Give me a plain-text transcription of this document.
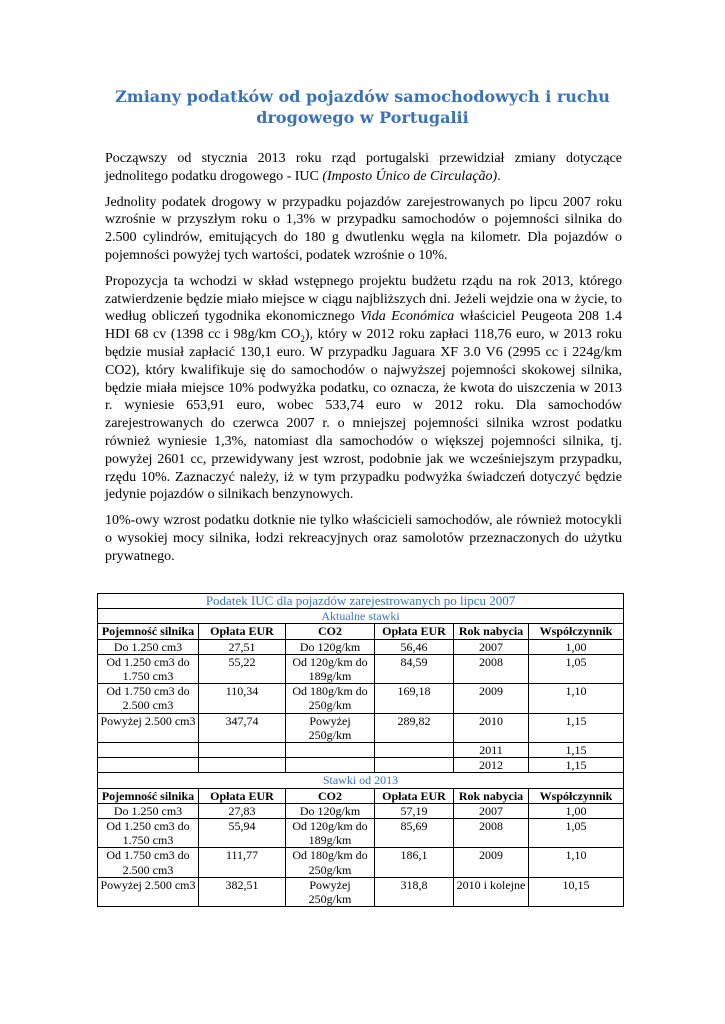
Zmiany podatków od pojazdów samochodowych i ruchu
drogowego w Portugalii

Począwszy od stycznia 2013 roku rząd portugalski przewidział zmiany dotyczące jednolitego podatku drogowego - IUC (Imposto Único de Circulação).

Jednolity podatek drogowy w przypadku pojazdów zarejestrowanych po lipcu 2007 roku wzrośnie w przyszłym roku o 1,3% w przypadku samochodów o pojemności silnika do 2.500 cylindrów, emitujących do 180 g dwutlenku węgla na kilometr. Dla pojazdów o pojemności powyżej tych wartości, podatek wzrośnie o 10%.

Propozycja ta wchodzi w skład wstępnego projektu budżetu rządu na rok 2013, którego zatwierdzenie będzie miało miejsce w ciągu najbliższych dni. Jeżeli wejdzie ona w życie, to według obliczeń tygodnika ekonomicznego Vida Económica właściciel Peugeota 208 1.4 HDI 68 cv (1398 cc i 98g/km $CO_2$), który w 2012 roku zapłaci 118,76 euro, w 2013 roku będzie musiał zapłacić 130,1 euro. W przypadku Jaguara XF 3.0 V6 (2995 cc i 224g/km CO2), który kwalifikuje się do samochodów o najwyższej pojemności skokowej silnika, będzie miała miejsce 10% podwyżka podatku, co oznacza, że kwota do uiszczenia w 2013 r. wyniesie 653,91 euro, wobec 533,74 euro w 2012 roku. Dla samochodów zarejestrowanych do czerwca 2007 r. o mniejszej pojemności silnika wzrost podatku również wyniesie 1,3%, natomiast dla samochodów o większej pojemności silnika, tj. powyżej 2601 cc, przewidywany jest wzrost, podobnie jak we wcześniejszym przypadku, rzędu 10%. Zaznaczyć należy, iż w tym przypadku podwyżka świadczeń dotyczyć będzie jedynie pojazdów o silnikach benzynowych.

10%-owy wzrost podatku dotknie nie tylko właścicieli samochodów, ale również motocykli o wysokiej mocy silnika, łodzi rekreacyjnych oraz samolotów przeznaczonych do użytku prywatnego.

Podatek IUC dla pojazdów zarejestrowanych po lipcu 2007					
Aktualne stawki					
Pojemność silnika	Opłata EUR	CO2	Opłata EUR	Rok nabycia	Współczynnik
Do 1.250 cm3	27,51	Do 120g/km	56,46	2007	1,00
Od 1.250 cm3 do 1.750 cm3	55,22	Od 120g/km do 189g/km	84,59	2008	1,05
Od 1.750 cm3 do 2.500 cm3	110,34	Od 180g/km do 250g/km	169,18	2009	1,10
Powyżej 2.500 cm3	347,74	Powyżej 250g/km	289,82	2010	1,15
				2011	1,15
				2012	1,15
Stawki od 2013					
Pojemność silnika	Opłata EUR	CO2	Opłata EUR	Rok nabycia	Współczynnik
Do 1.250 cm3	27,83	Do 120g/km	57,19	2007	1,00
Od 1.250 cm3 do 1.750 cm3	55,94	Od 120g/km do 189g/km	85,69	2008	1,05
Od 1.750 cm3 do 2.500 cm3	111,77	Od 180g/km do 250g/km	186,1	2009	1,10
Powyżej 2.500 cm3	382,51	Powyżej 250g/km	318,8	2010 i kolejne	10,15
